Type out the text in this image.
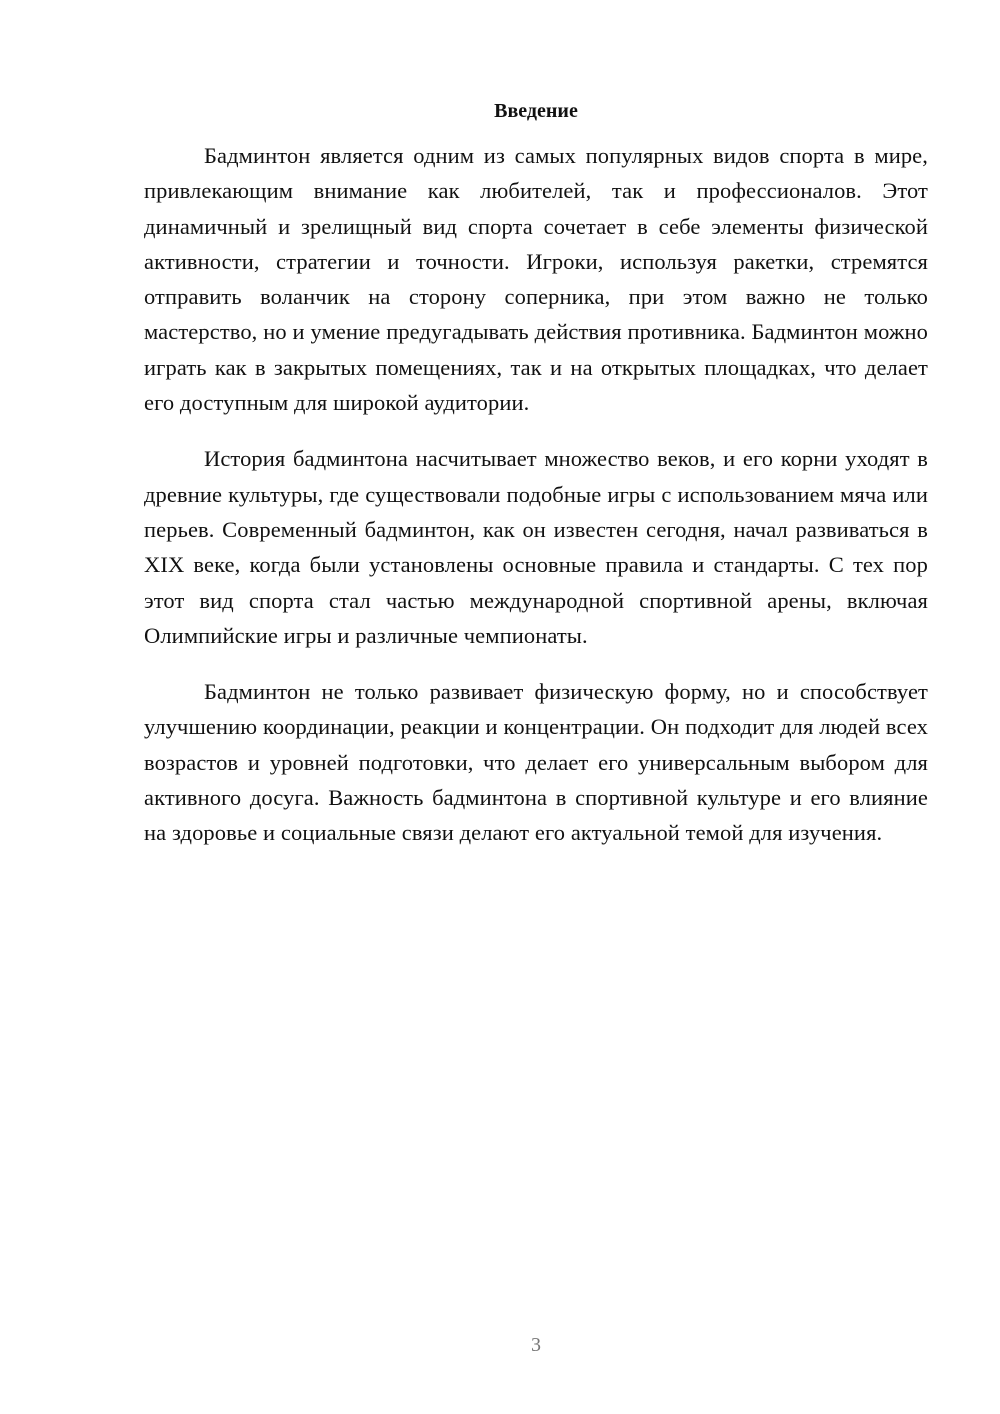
Введение

Бадминтон является одним из самых популярных видов спорта в мире, привлекающим внимание как любителей, так и профессионалов. Этот динамичный и зрелищный вид спорта сочетает в себе элементы физической активности, стратегии и точности. Игроки, используя ракетки, стремятся отправить воланчик на сторону соперника, при этом важно не только мастерство, но и умение предугадывать действия противника. Бадминтон можно играть как в закрытых помещениях, так и на открытых площадках, что делает его доступным для широкой аудитории.

История бадминтона насчитывает множество веков, и его корни уходят в древние культуры, где существовали подобные игры с использованием мяча или перьев. Современный бадминтон, как он известен сегодня, начал развиваться в XIX веке, когда были установлены основные правила и стандарты. С тех пор этот вид спорта стал частью международной спортивной арены, включая Олимпийские игры и различные чемпионаты.

Бадминтон не только развивает физическую форму, но и способствует улучшению координации, реакции и концентрации. Он подходит для людей всех возрастов и уровней подготовки, что делает его универсальным выбором для активного досуга. Важность бадминтона в спортивной культуре и его влияние на здоровье и социальные связи делают его актуальной темой для изучения.

3
